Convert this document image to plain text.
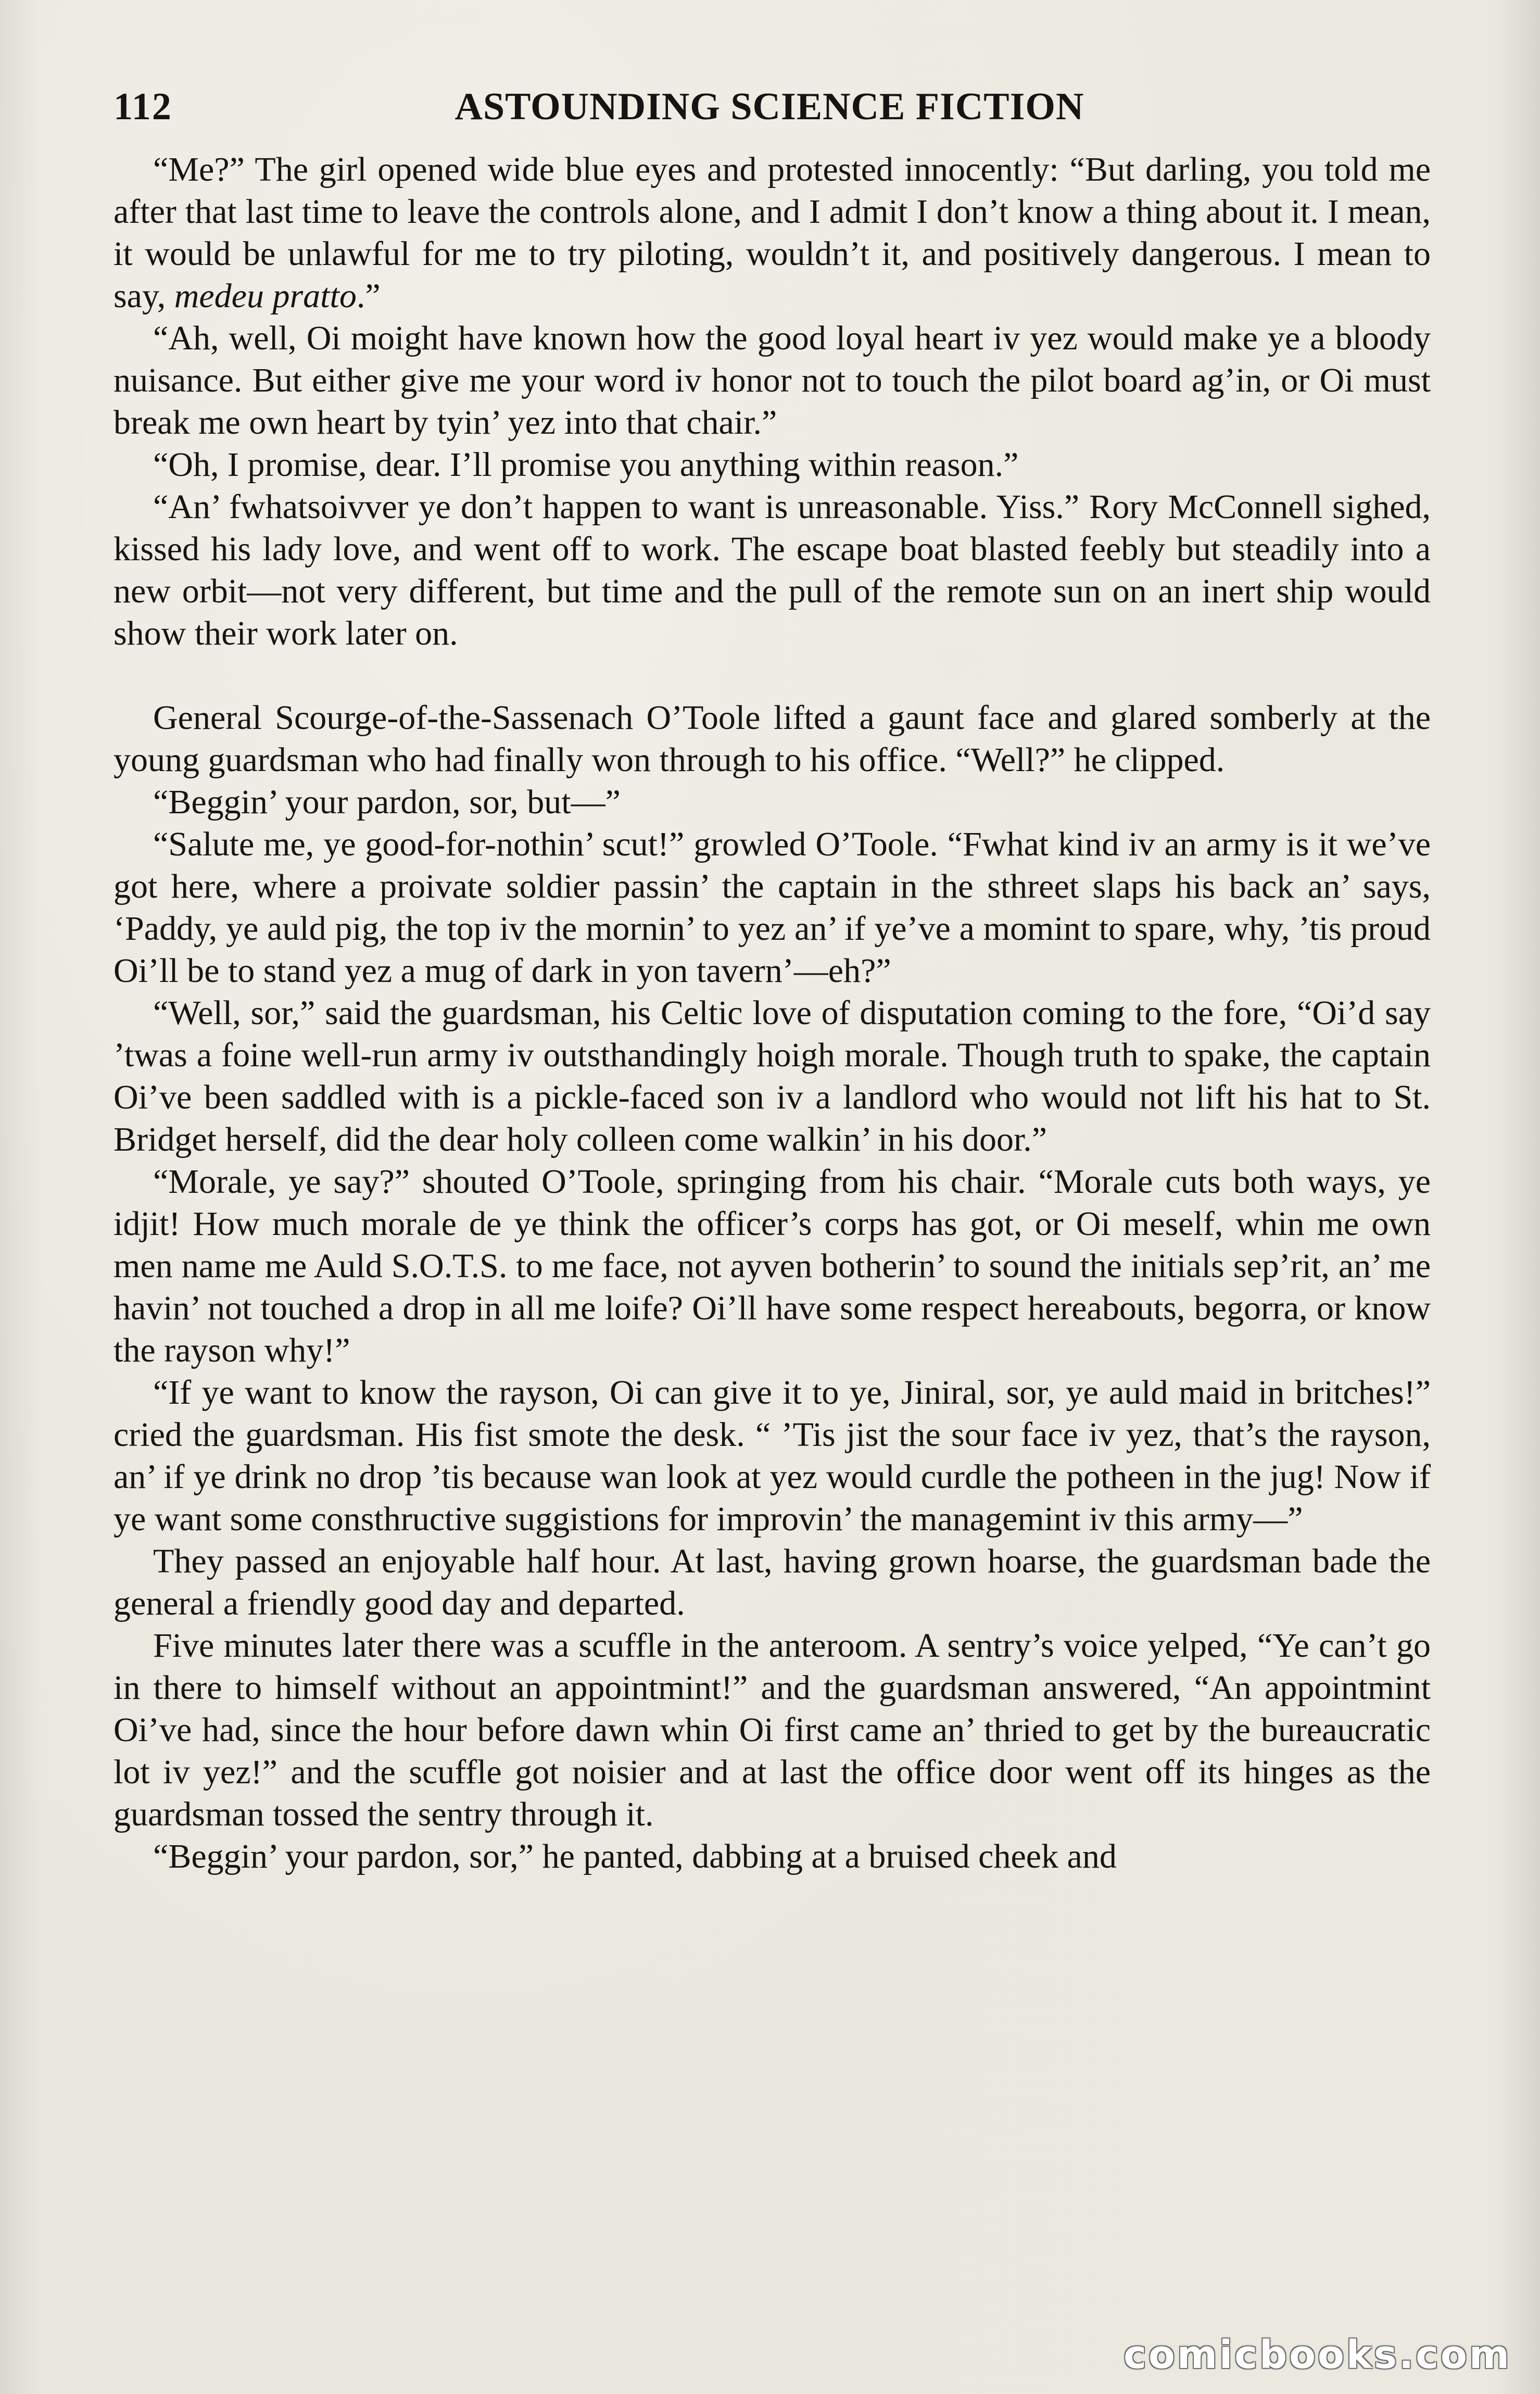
112	ASTOUNDING SCIENCE FICTION

“Me?” The girl opened wide blue eyes and protested innocently: “But darling, you told me after that last time to leave the controls alone, and I admit I don’t know a thing about it. I mean, it would be unlawful for me to try piloting, wouldn’t it, and positively dangerous. I mean to say, medeu pratto.”

“Ah, well, Oi moight have known how the good loyal heart iv yez would make ye a bloody nuisance. But either give me your word iv honor not to touch the pilot board ag’in, or Oi must break me own heart by tyin’ yez into that chair.”

“Oh, I promise, dear. I’ll promise you anything within reason.”

“An’ fwhatsoivver ye don’t happen to want is unreasonable. Yiss.” Rory McConnell sighed, kissed his lady love, and went off to work. The escape boat blasted feebly but steadily into a new orbit—not very different, but time and the pull of the remote sun on an inert ship would show their work later on.

General Scourge-of-the-Sassenach O’Toole lifted a gaunt face and glared somberly at the young guardsman who had finally won through to his office. “Well?” he clipped.

“Beggin’ your pardon, sor, but—”

“Salute me, ye good-for-nothin’ scut!” growled O’Toole. “Fwhat kind iv an army is it we’ve got here, where a proivate soldier passin’ the captain in the sthreet slaps his back an’ says, ‘Paddy, ye auld pig, the top iv the mornin’ to yez an’ if ye’ve a momint to spare, why, ’tis proud Oi’ll be to stand yez a mug of dark in yon tavern’—eh?”

“Well, sor,” said the guardsman, his Celtic love of disputation coming to the fore, “Oi’d say ’twas a foine well-run army iv outsthandingly hoigh morale. Though truth to spake, the captain Oi’ve been saddled with is a pickle-faced son iv a landlord who would not lift his hat to St. Bridget herself, did the dear holy colleen come walkin’ in his door.”

“Morale, ye say?” shouted O’Toole, springing from his chair. “Morale cuts both ways, ye idjit! How much morale de ye think the officer’s corps has got, or Oi meself, whin me own men name me Auld S.O.T.S. to me face, not ayven botherin’ to sound the initials sep’rit, an’ me havin’ not touched a drop in all me loife? Oi’ll have some respect hereabouts, begorra, or know the rayson why!”

“If ye want to know the rayson, Oi can give it to ye, Jiniral, sor, ye auld maid in britches!” cried the guardsman. His fist smote the desk. “ ’Tis jist the sour face iv yez, that’s the rayson, an’ if ye drink no drop ’tis because wan look at yez would curdle the potheen in the jug! Now if ye want some consthructive suggistions for improvin’ the managemint iv this army—”

They passed an enjoyable half hour. At last, having grown hoarse, the guardsman bade the general a friendly good day and departed.

Five minutes later there was a scuffle in the anteroom. A sentry’s voice yelped, “Ye can’t go in there to himself without an appointmint!” and the guardsman answered, “An appointmint Oi’ve had, since the hour before dawn whin Oi first came an’ thried to get by the bureaucratic lot iv yez!” and the scuffle got noisier and at last the office door went off its hinges as the guardsman tossed the sentry through it.

“Beggin’ your pardon, sor,” he panted, dabbing at a bruised cheek and

comicbooks.com
